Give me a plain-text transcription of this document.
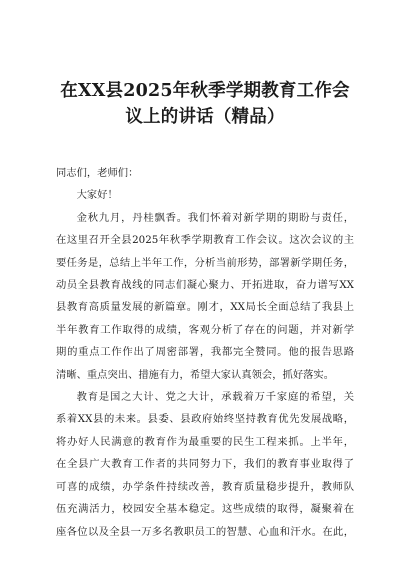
在XX县2025年秋季学期教育工作会
议上的讲话（精品）

同志们，老师们：

大家好！

金秋九月，丹桂飘香。我们怀着对新学期的期盼与责任，
在这里召开全县2025年秋季学期教育工作会议。这次会议的主
要任务是，总结上半年工作，分析当前形势，部署新学期任务，
动员全县教育战线的同志们凝心聚力、开拓进取，奋力谱写XX
县教育高质量发展的新篇章。刚才，XX局长全面总结了我县上
半年教育工作取得的成绩，客观分析了存在的问题，并对新学
期的重点工作作出了周密部署，我都完全赞同。他的报告思路
清晰、重点突出、措施有力，希望大家认真领会，抓好落实。

教育是国之大计、党之大计，承载着万千家庭的希望，关
系着XX县的未来。县委、县政府始终坚持教育优先发展战略，
将办好人民满意的教育作为最重要的民生工程来抓。上半年，
在全县广大教育工作者的共同努力下，我们的教育事业取得了
可喜的成绩，办学条件持续改善，教育质量稳步提升，教师队
伍充满活力，校园安全基本稳定。这些成绩的取得，凝聚着在
座各位以及全县一万多名教职员工的智慧、心血和汗水。在此，
